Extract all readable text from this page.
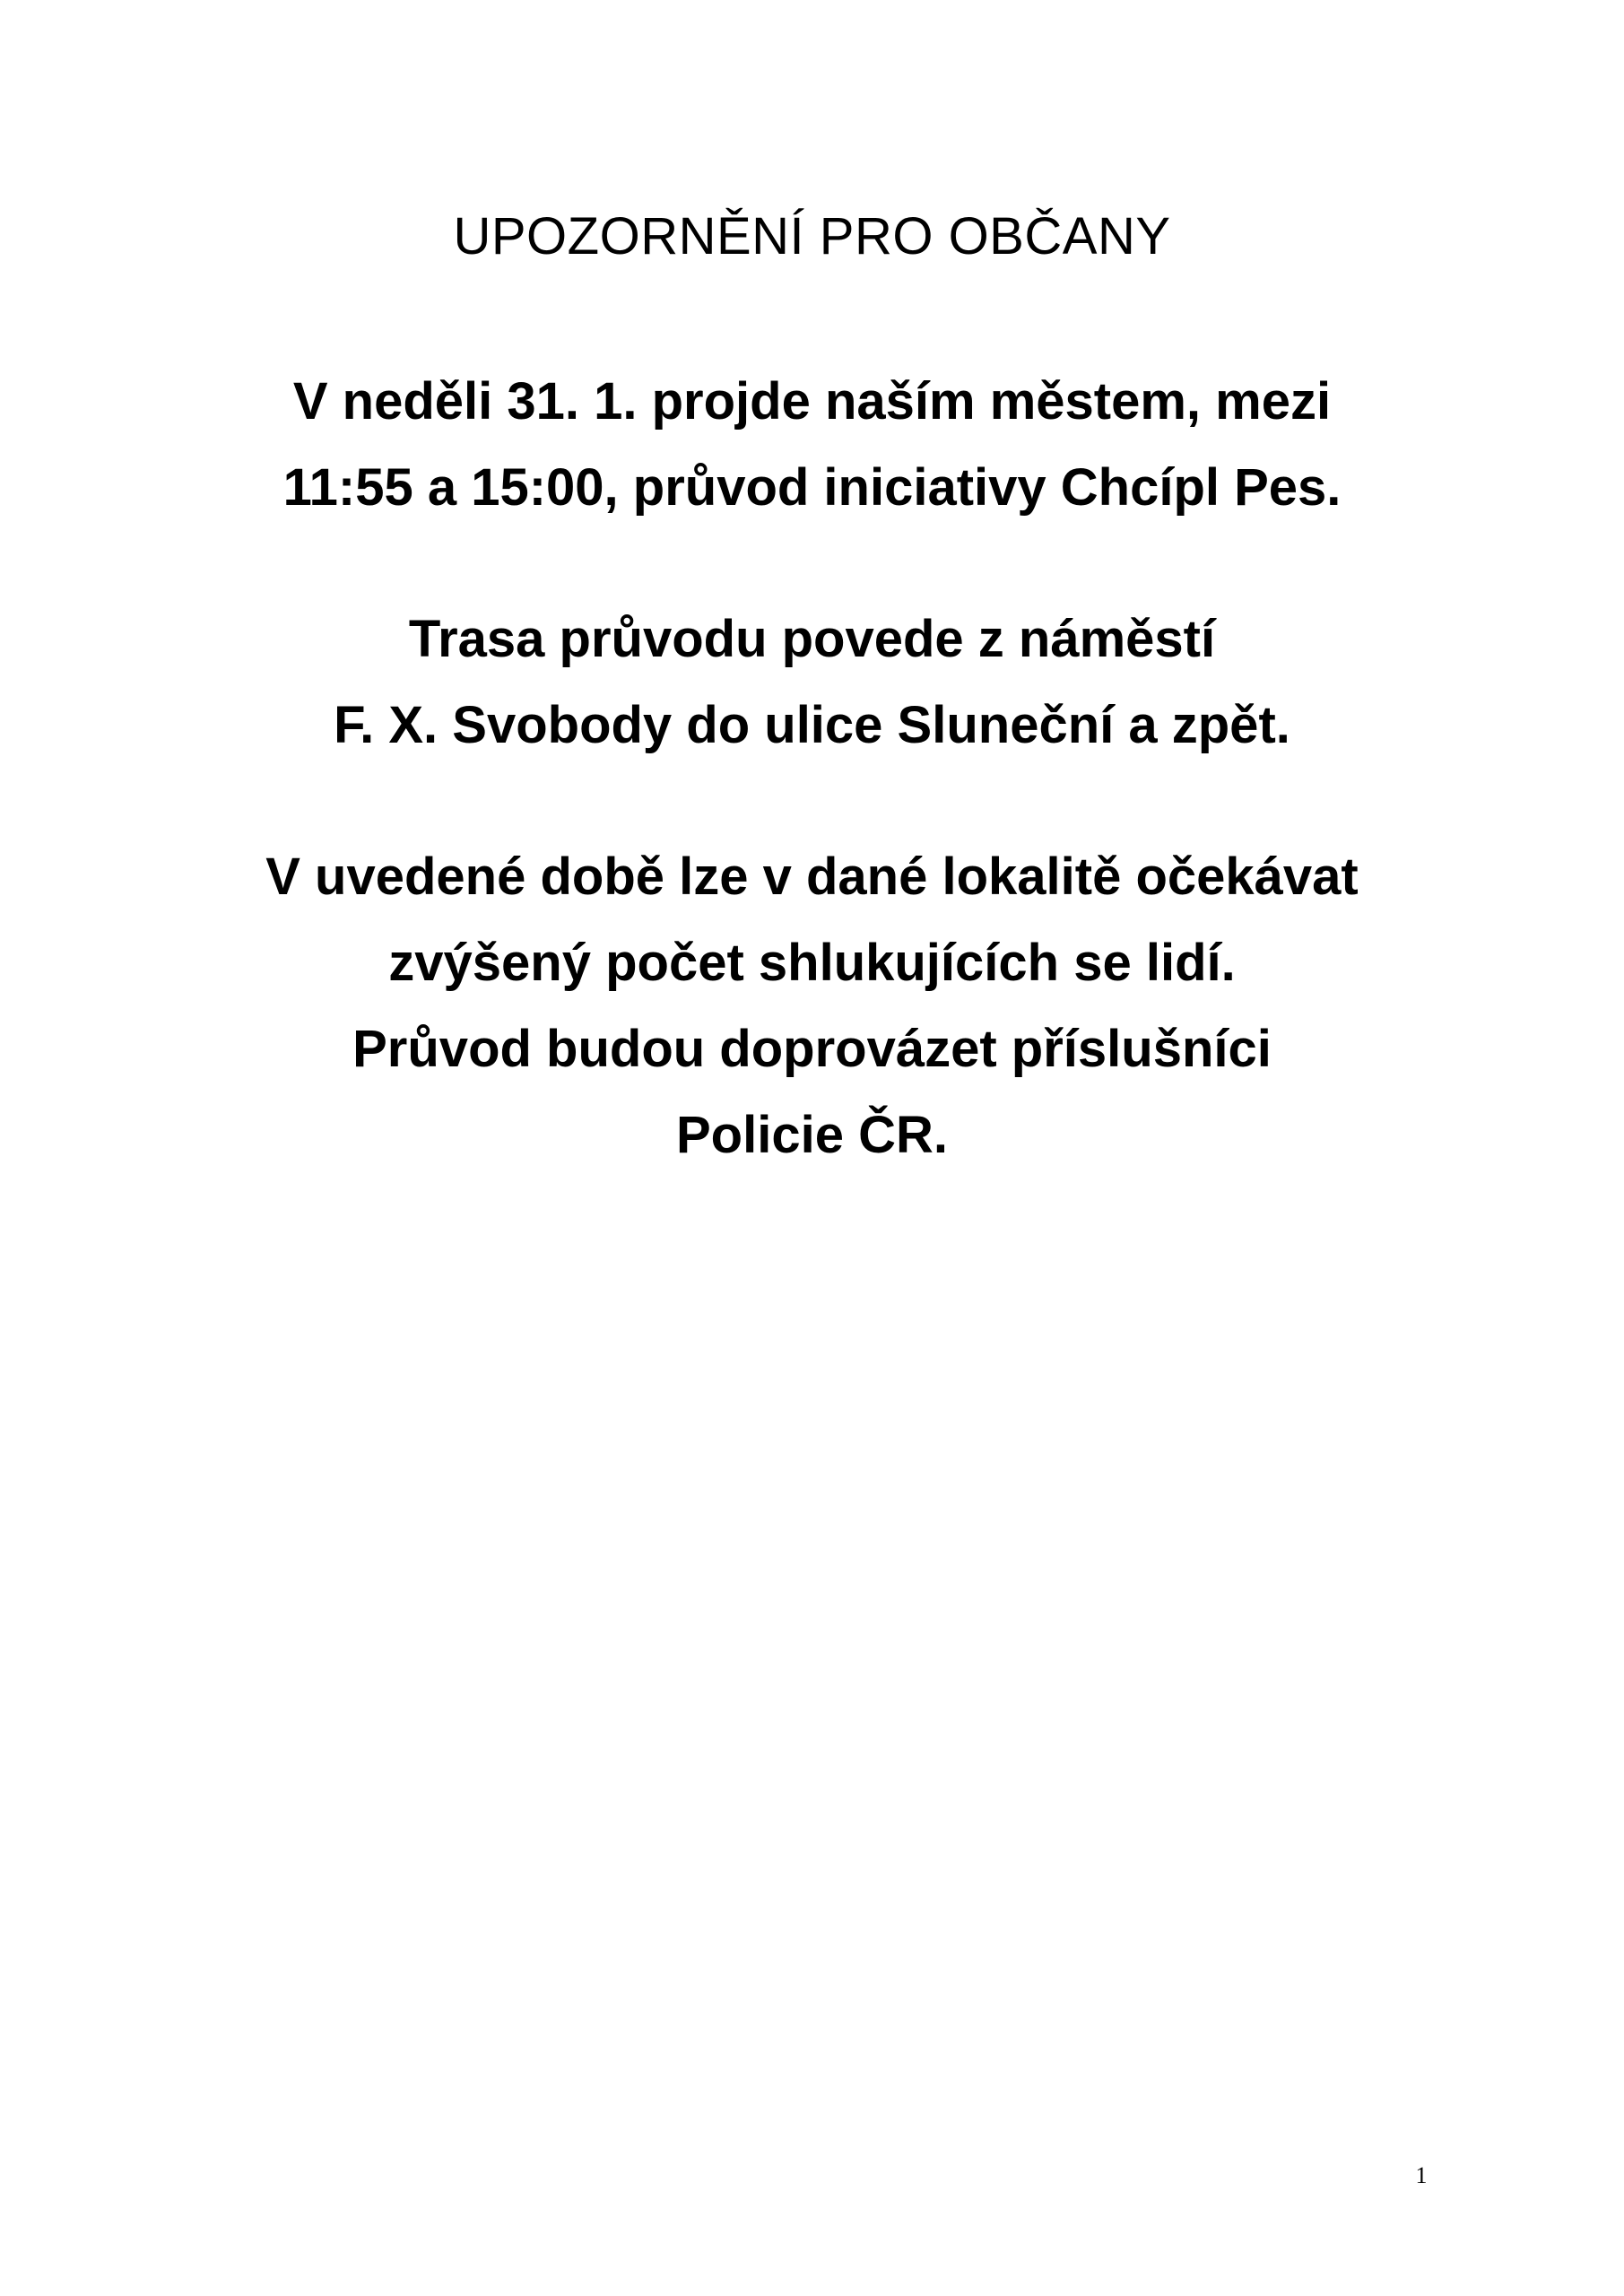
UPOZORNĚNÍ PRO OBČANY
V neděli 31. 1. projde naším městem, mezi
11:55 a 15:00, průvod iniciativy Chcípl Pes.
Trasa průvodu povede z náměstí
F. X. Svobody do ulice Sluneční a zpět.
V uvedené době lze v dané lokalitě očekávat
zvýšený počet shlukujících se lidí.
Průvod budou doprovázet příslušníci
Policie ČR.
1
